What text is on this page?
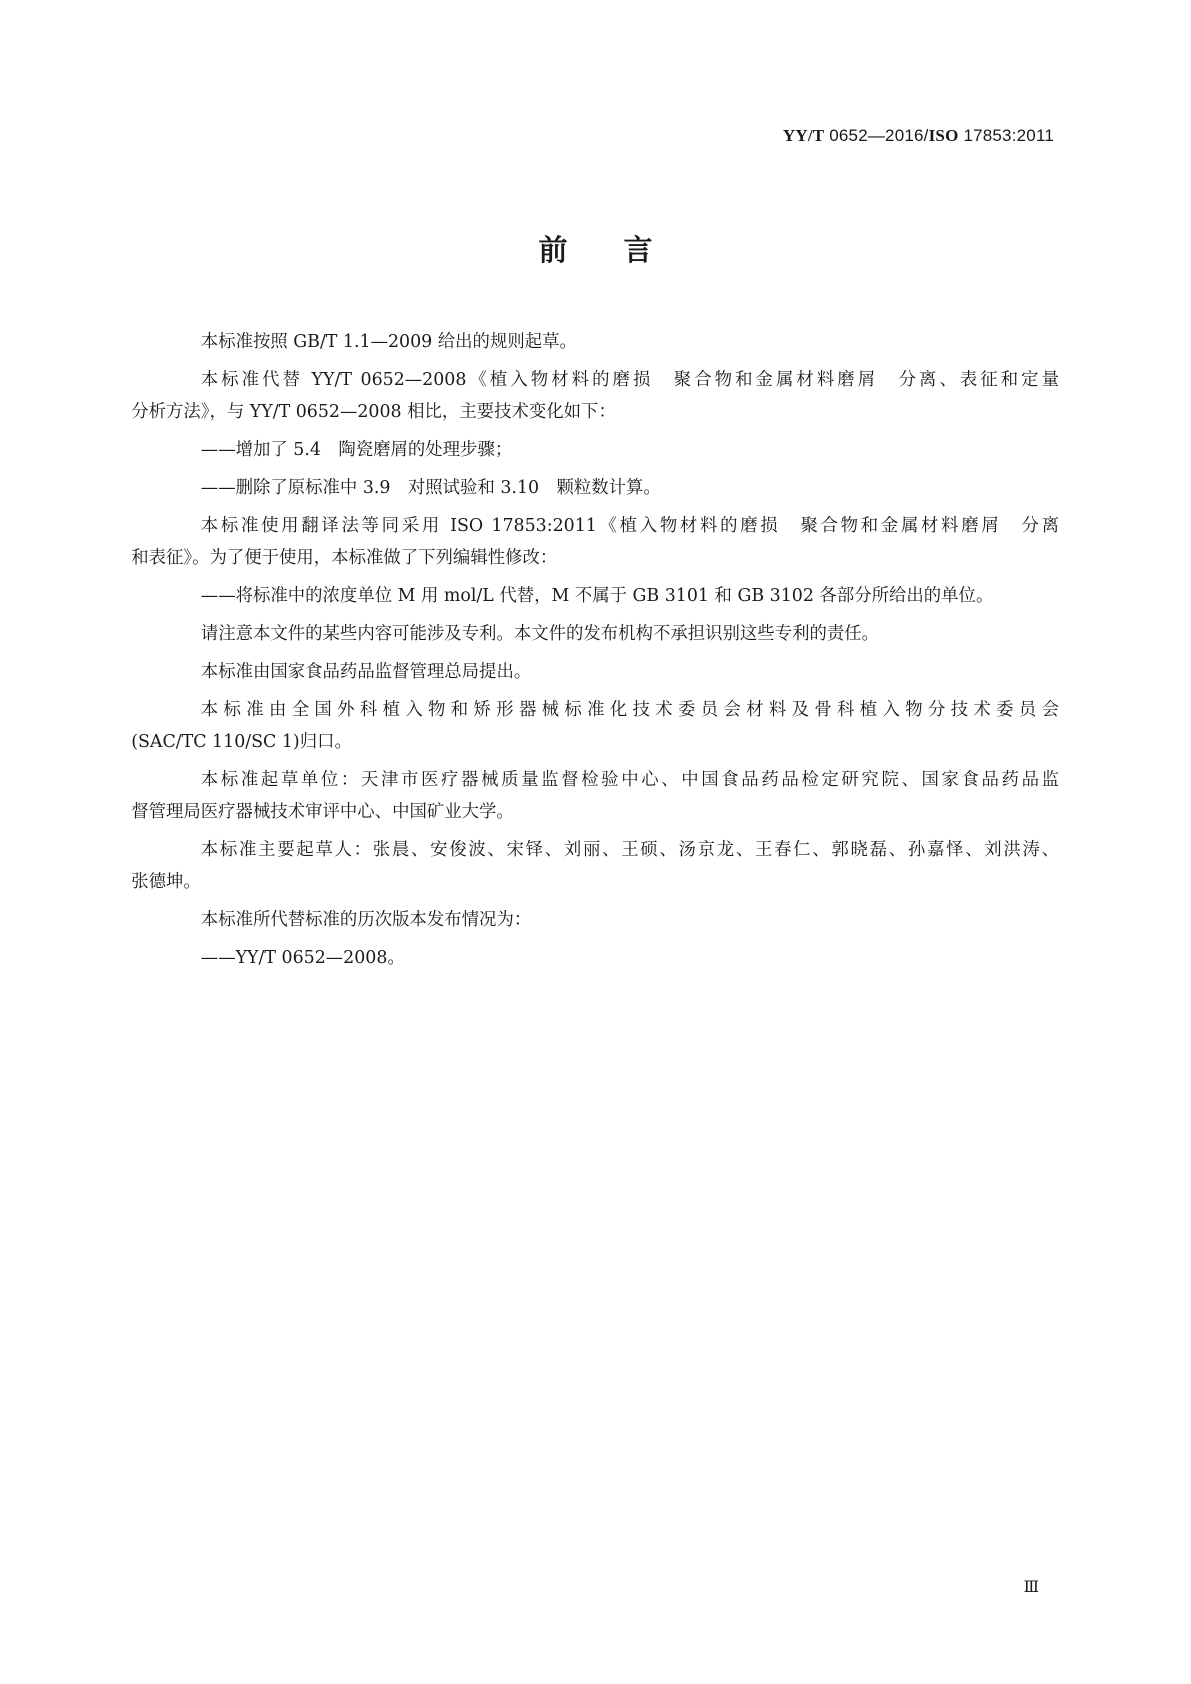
YY/T 0652—2016/ISO 17853:2011
前言

本标准按照 GB/T 1.1—2009 给出的规则起草。

本标准代替 YY/T 0652—2008《植入物材料的磨损　聚合物和金属材料磨屑　分离、表征和定量
分析方法》，与 YY/T 0652—2008 相比，主要技术变化如下：

——增加了 5.4　陶瓷磨屑的处理步骤；

——删除了原标准中 3.9　对照试验和 3.10　颗粒数计算。

本标准使用翻译法等同采用 ISO 17853:2011《植入物材料的磨损　聚合物和金属材料磨屑　分离
和表征》。为了便于使用，本标准做了下列编辑性修改：

——将标准中的浓度单位 M 用 mol/L 代替，M 不属于 GB 3101 和 GB 3102 各部分所给出的单位。

请注意本文件的某些内容可能涉及专利。本文件的发布机构不承担识别这些专利的责任。

本标准由国家食品药品监督管理总局提出。

本标准由全国外科植入物和矫形器械标准化技术委员会材料及骨科植入物分技术委员会
(SAC/TC 110/SC 1)归口。

本标准起草单位：天津市医疗器械质量监督检验中心、中国食品药品检定研究院、国家食品药品监
督管理局医疗器械技术审评中心、中国矿业大学。

本标准主要起草人：张晨、安俊波、宋铎、刘丽、王硕、汤京龙、王春仁、郭晓磊、孙嘉怿、刘洪涛、
张德坤。

本标准所代替标准的历次版本发布情况为：

——YY/T 0652—2008。

Ⅲ
